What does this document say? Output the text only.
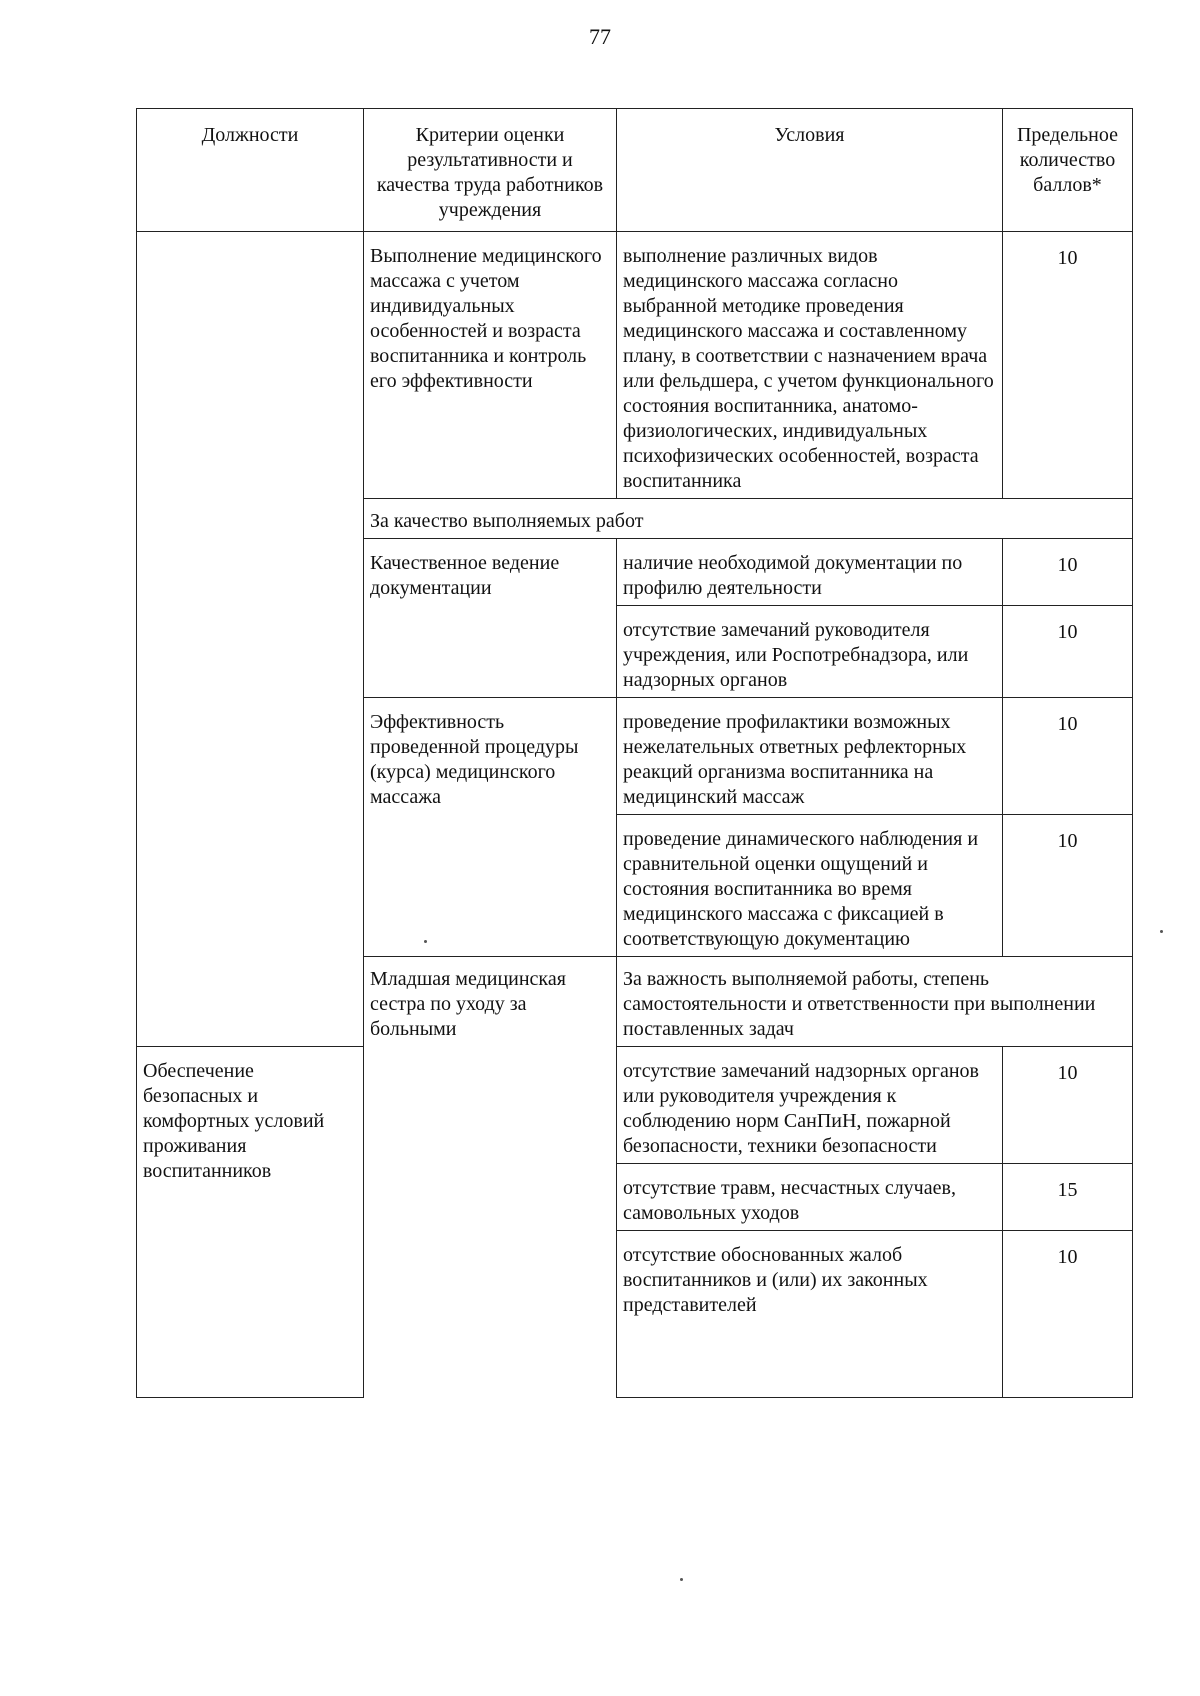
77
Должности	Критерии оценки результативности и качества труда работников учреждения	Условия	Предельное количество баллов*
	Выполнение медицинского массажа с учетом индивидуальных особенностей и возраста воспитанника и контроль его эффективности	выполнение различных видов медицинского массажа согласно выбранной методике проведения медицинского массажа и составленному плану, в соответствии с назначением врача или фельдшера, с учетом функционального состояния воспитанника, анатомо-физиологических, индивидуальных психофизических особенностей, возраста воспитанника	10
	За качество выполняемых работ		
	Качественное ведение документации	наличие необходимой документации по профилю деятельности	10
		отсутствие замечаний руководителя учреждения, или Роспотребнадзора, или надзорных органов	10
	Эффективность проведенной процедуры (курса) медицинского массажа	проведение профилактики возможных нежелательных ответных рефлекторных реакций организма воспитанника на медицинский массаж	10
		проведение динамического наблюдения и сравнительной оценки ощущений и состояния воспитанника во время медицинского массажа с фиксацией в соответствующую документацию	10
	Младшая медицинская сестра по уходу за больными	За важность выполняемой работы, степень самостоятельности и ответственности при выполнении поставленных задач	
Обеспечение безопасных и комфортных условий проживания воспитанников		отсутствие замечаний надзорных органов или руководителя учреждения к соблюдению норм СанПиН, пожарной безопасности, техники безопасности	10
		отсутствие травм, несчастных случаев, самовольных уходов	15
		отсутствие обоснованных жалоб воспитанников и (или) их законных представителей	10
